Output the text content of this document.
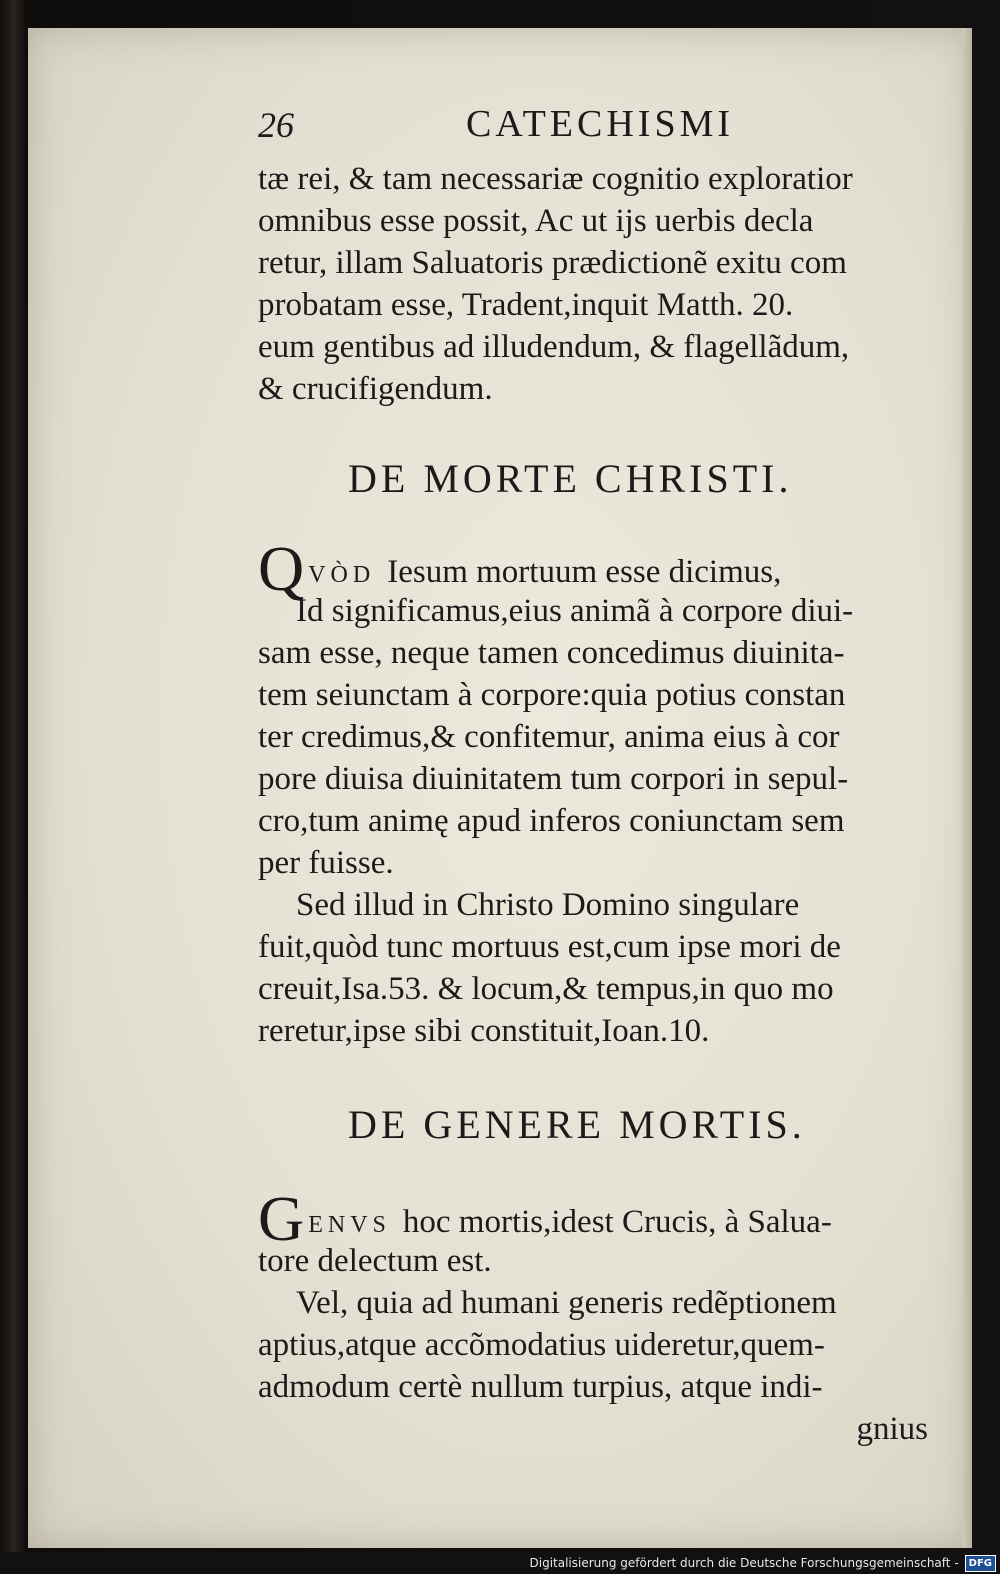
26	CATECHISMI
tæ rei, & tam necessariæ cognitio exploratior
omnibus esse possit, Ac ut ijs uerbis decla
retur, illam Saluatoris prædictionẽ exitu com
probatam esse, Tradent,inquit Matth. 20.
eum gentibus ad illudendum, & flagellãdum,
& crucifigendum.
DE MORTE CHRISTI.
QVÒD Iesum mortuum esse dicimus,
Id significamus,eius animã à corpore diui-
sam esse, neque tamen concedimus diuinita-
tem seiunctam à corpore:quia potius constan
ter credimus,& confitemur, anima eius à cor
pore diuisa diuinitatem tum corpori in sepul-
cro,tum animę apud inferos coniunctam sem
per fuisse.
Sed illud in Christo Domino singulare
fuit,quòd tunc mortuus est,cum ipse mori de
creuit,Isa.53. & locum,& tempus,in quo mo
reretur,ipse sibi constituit,Ioan.10.
DE GENERE MORTIS.
GENVS hoc mortis,idest Crucis, à Salua-
tore delectum est.
Vel, quia ad humani generis redẽptionem
aptius,atque accõmodatius uideretur,quem-
admodum certè nullum turpius, atque indi-
gnius
Digitalisierung gefördert durch die Deutsche Forschungsgemeinschaft -	DFG
